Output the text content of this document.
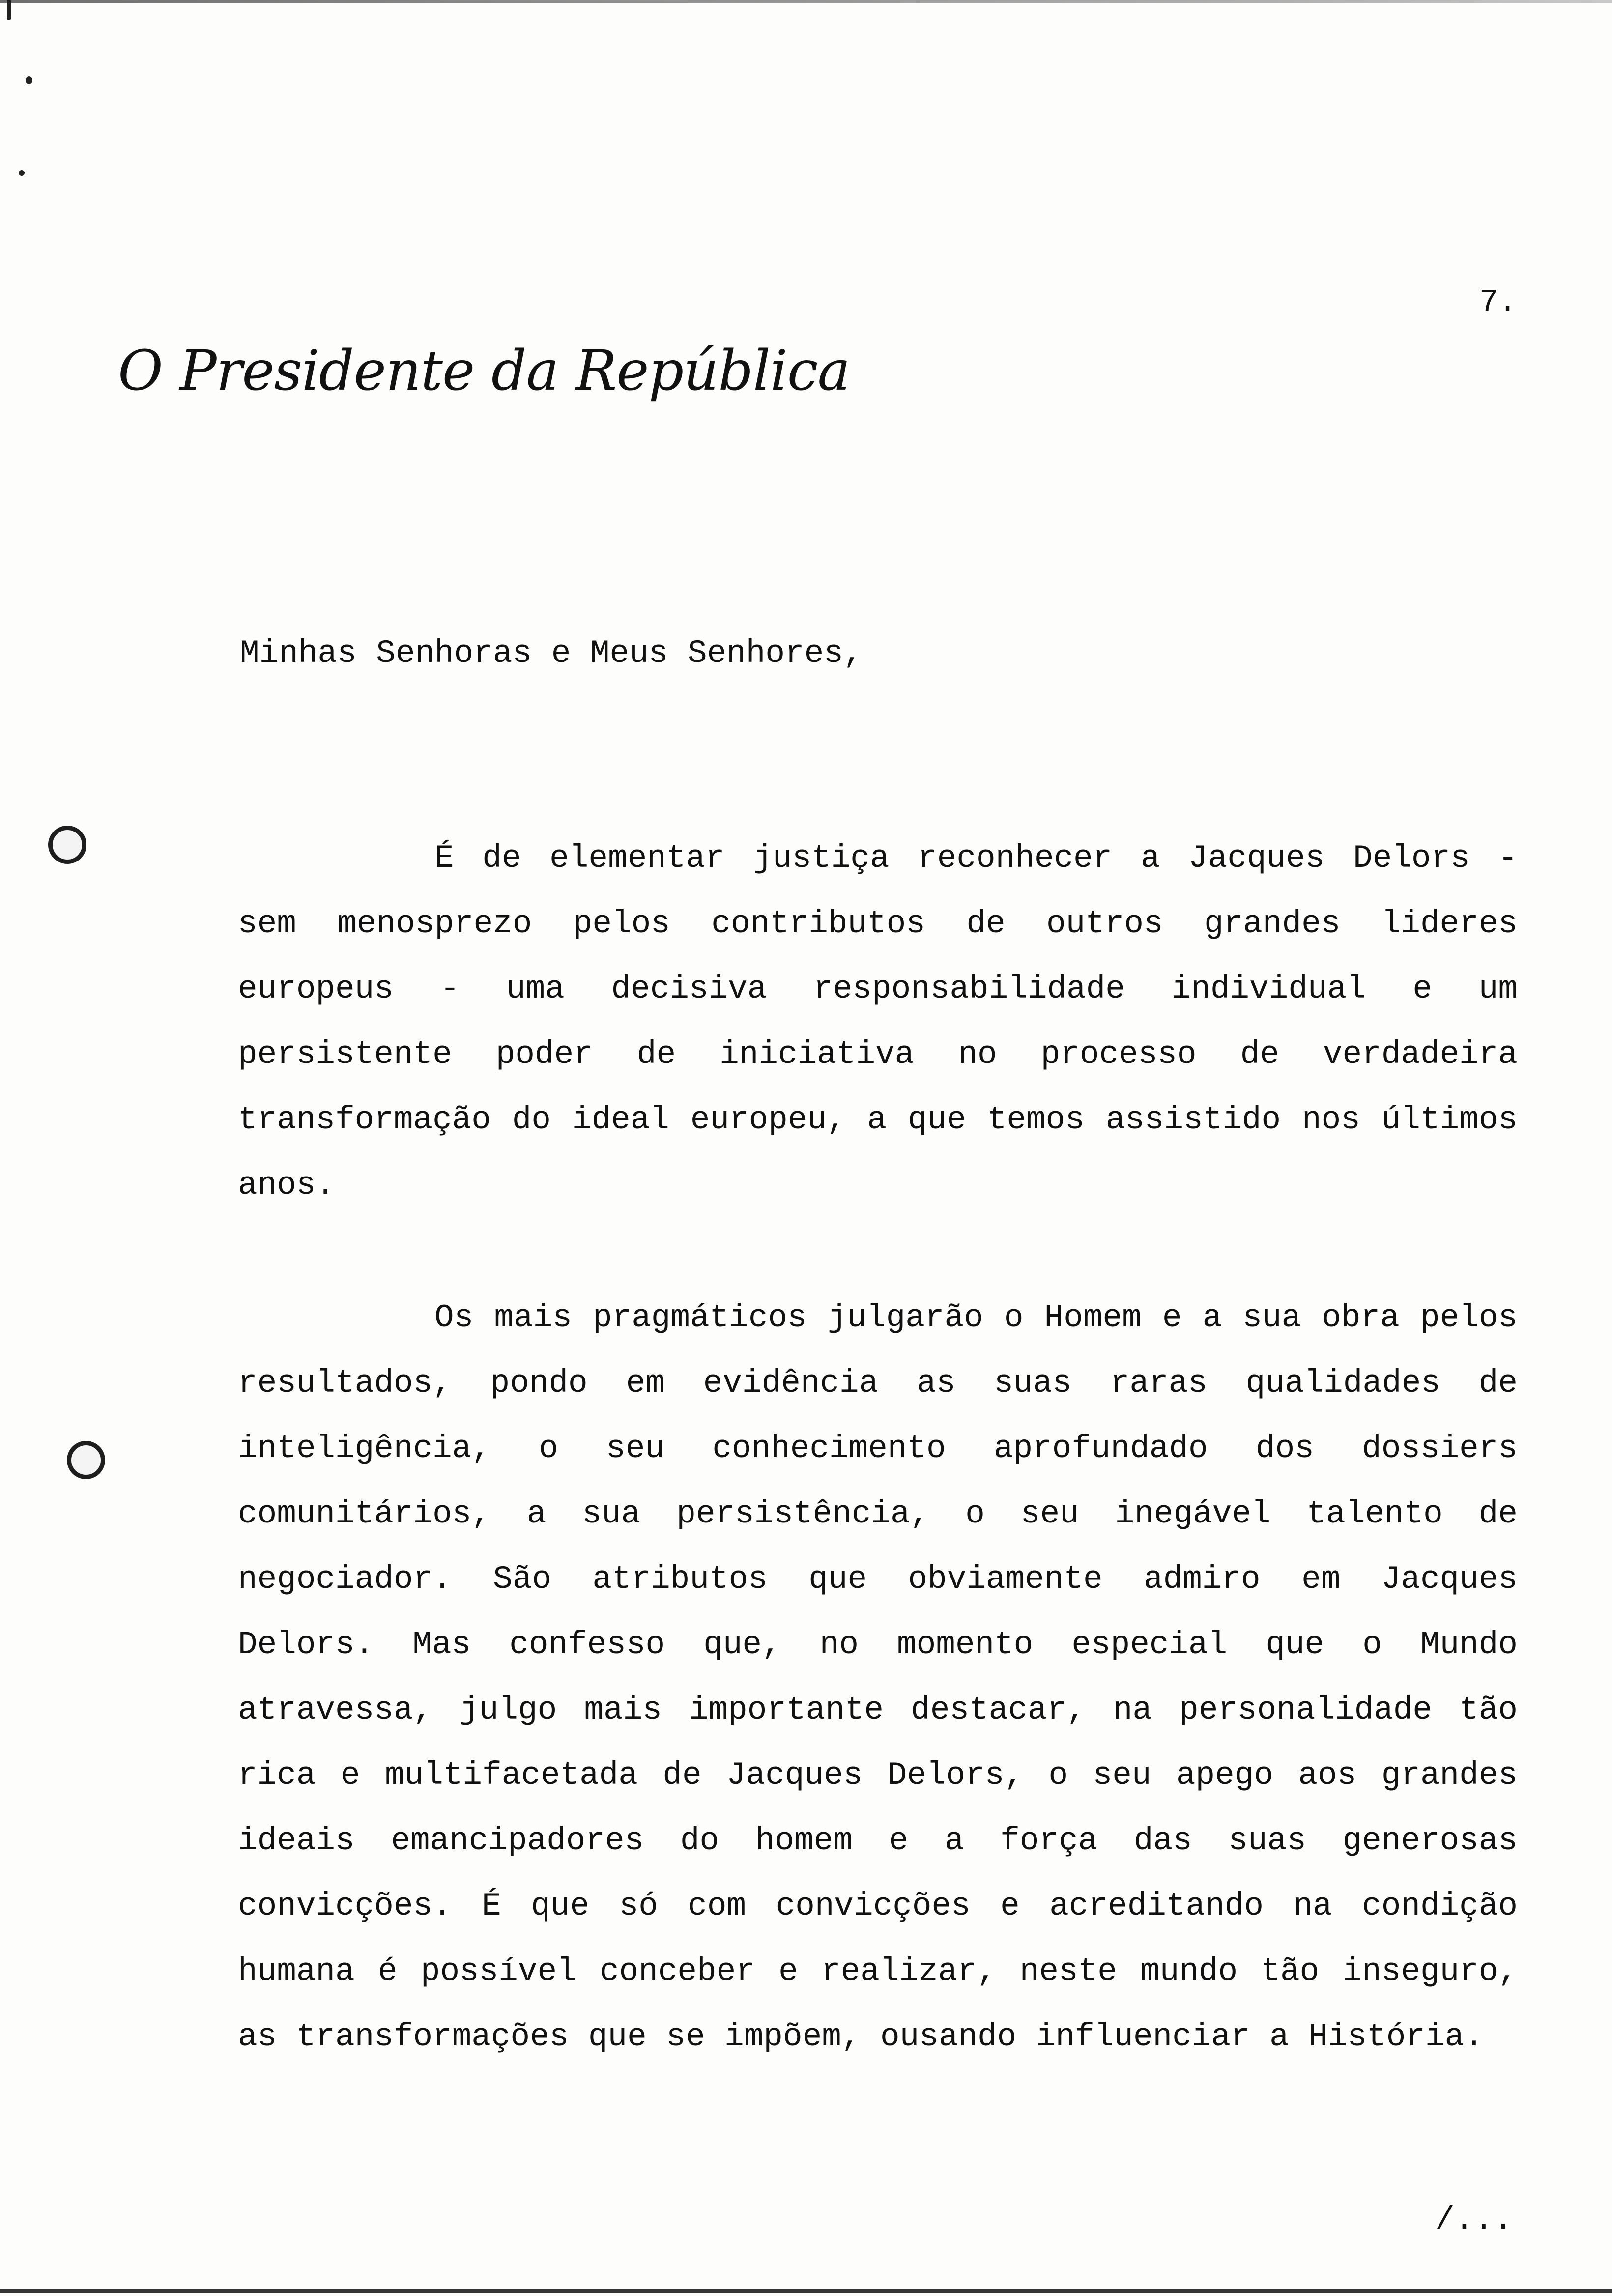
7.
O Presidente da República
Minhas Senhoras e Meus Senhores,
É de elementar justiça reconhecer a Jacques Delors - sem menosprezo pelos contributos de outros grandes lideres europeus - uma decisiva responsabilidade individual e um persistente poder de iniciativa no processo de verdadeira transformação do ideal europeu, a que temos assistido nos últimos anos.
Os mais pragmáticos julgarão o Homem e a sua obra pelos resultados, pondo em evidência as suas raras qualidades de inteligência, o seu conhecimento aprofundado dos dossiers comunitários, a sua persistência, o seu inegável talento de negociador. São atributos que obviamente admiro em Jacques Delors. Mas confesso que, no momento especial que o Mundo atravessa, julgo mais importante destacar, na personalidade tão rica e multifacetada de Jacques Delors, o seu apego aos grandes ideais emancipadores do homem e a força das suas generosas convicções. É que só com convicções e acreditando na condição humana é possível conceber e realizar, neste mundo tão inseguro, as transformações que se impõem, ousando influenciar a História.
/...
